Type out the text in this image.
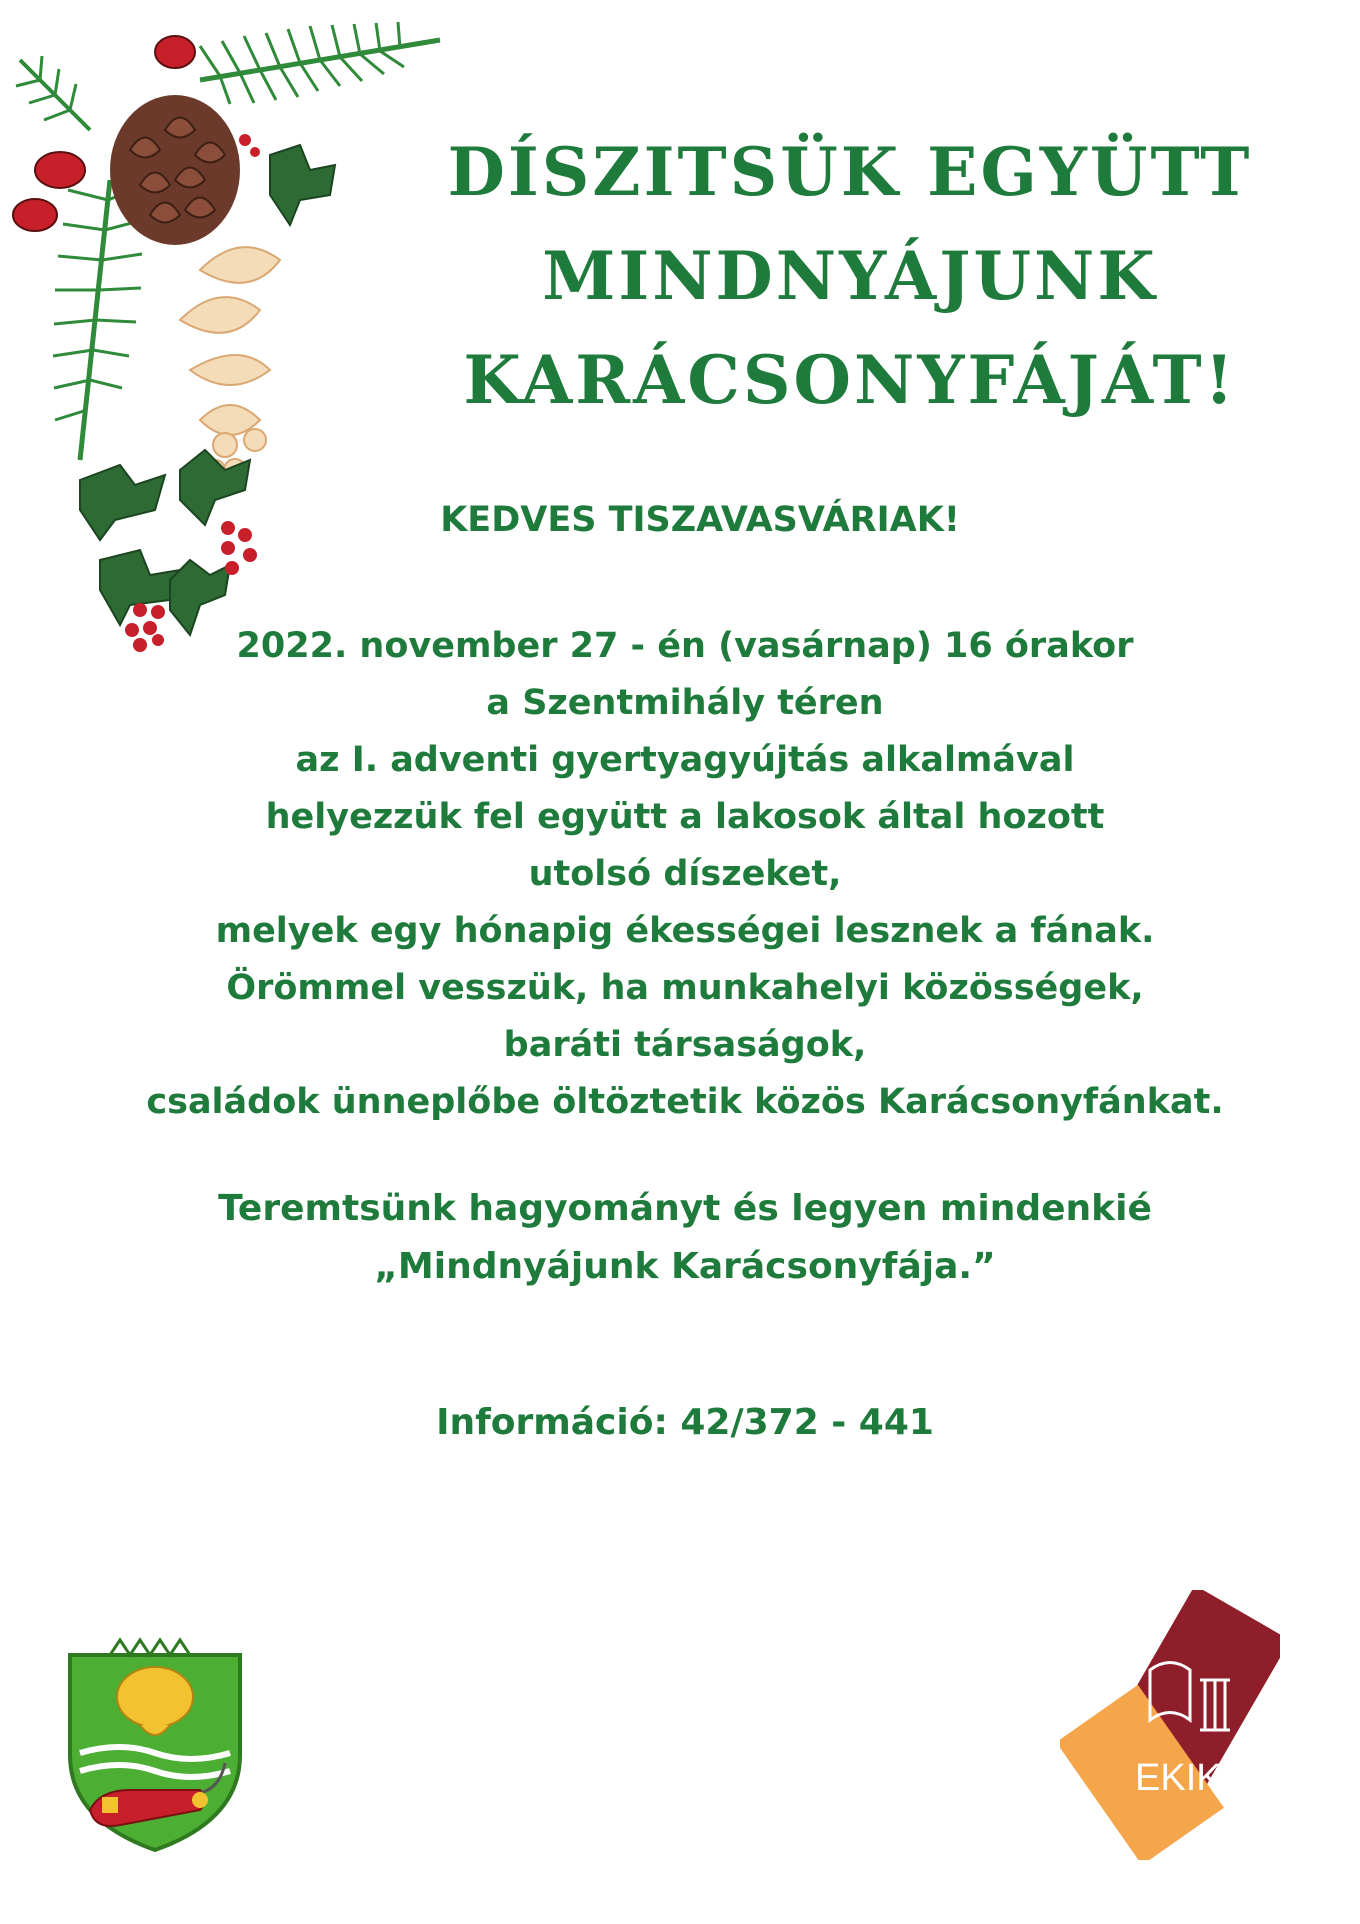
DÍSZITSÜK EGYÜTT
MINDNYÁJUNK
KARÁCSONYFÁJÁT!
KEDVES TISZAVASVÁRIAK!
2022. november 27 - én (vasárnap) 16 órakor
a Szentmihály téren
az I. adventi gyertyagyújtás alkalmával
helyezzük fel együtt a lakosok által hozott
utolsó díszeket,
melyek egy hónapig ékességei lesznek a fának.
Örömmel vesszük, ha munkahelyi közösségek,
baráti társaságok,
családok ünneplőbe öltöztetik közös Karácsonyfánkat.
Teremtsünk hagyományt és legyen mindenkié
„Mindnyájunk Karácsonyfája.”
Információ: 42/372 - 441
EKIK
